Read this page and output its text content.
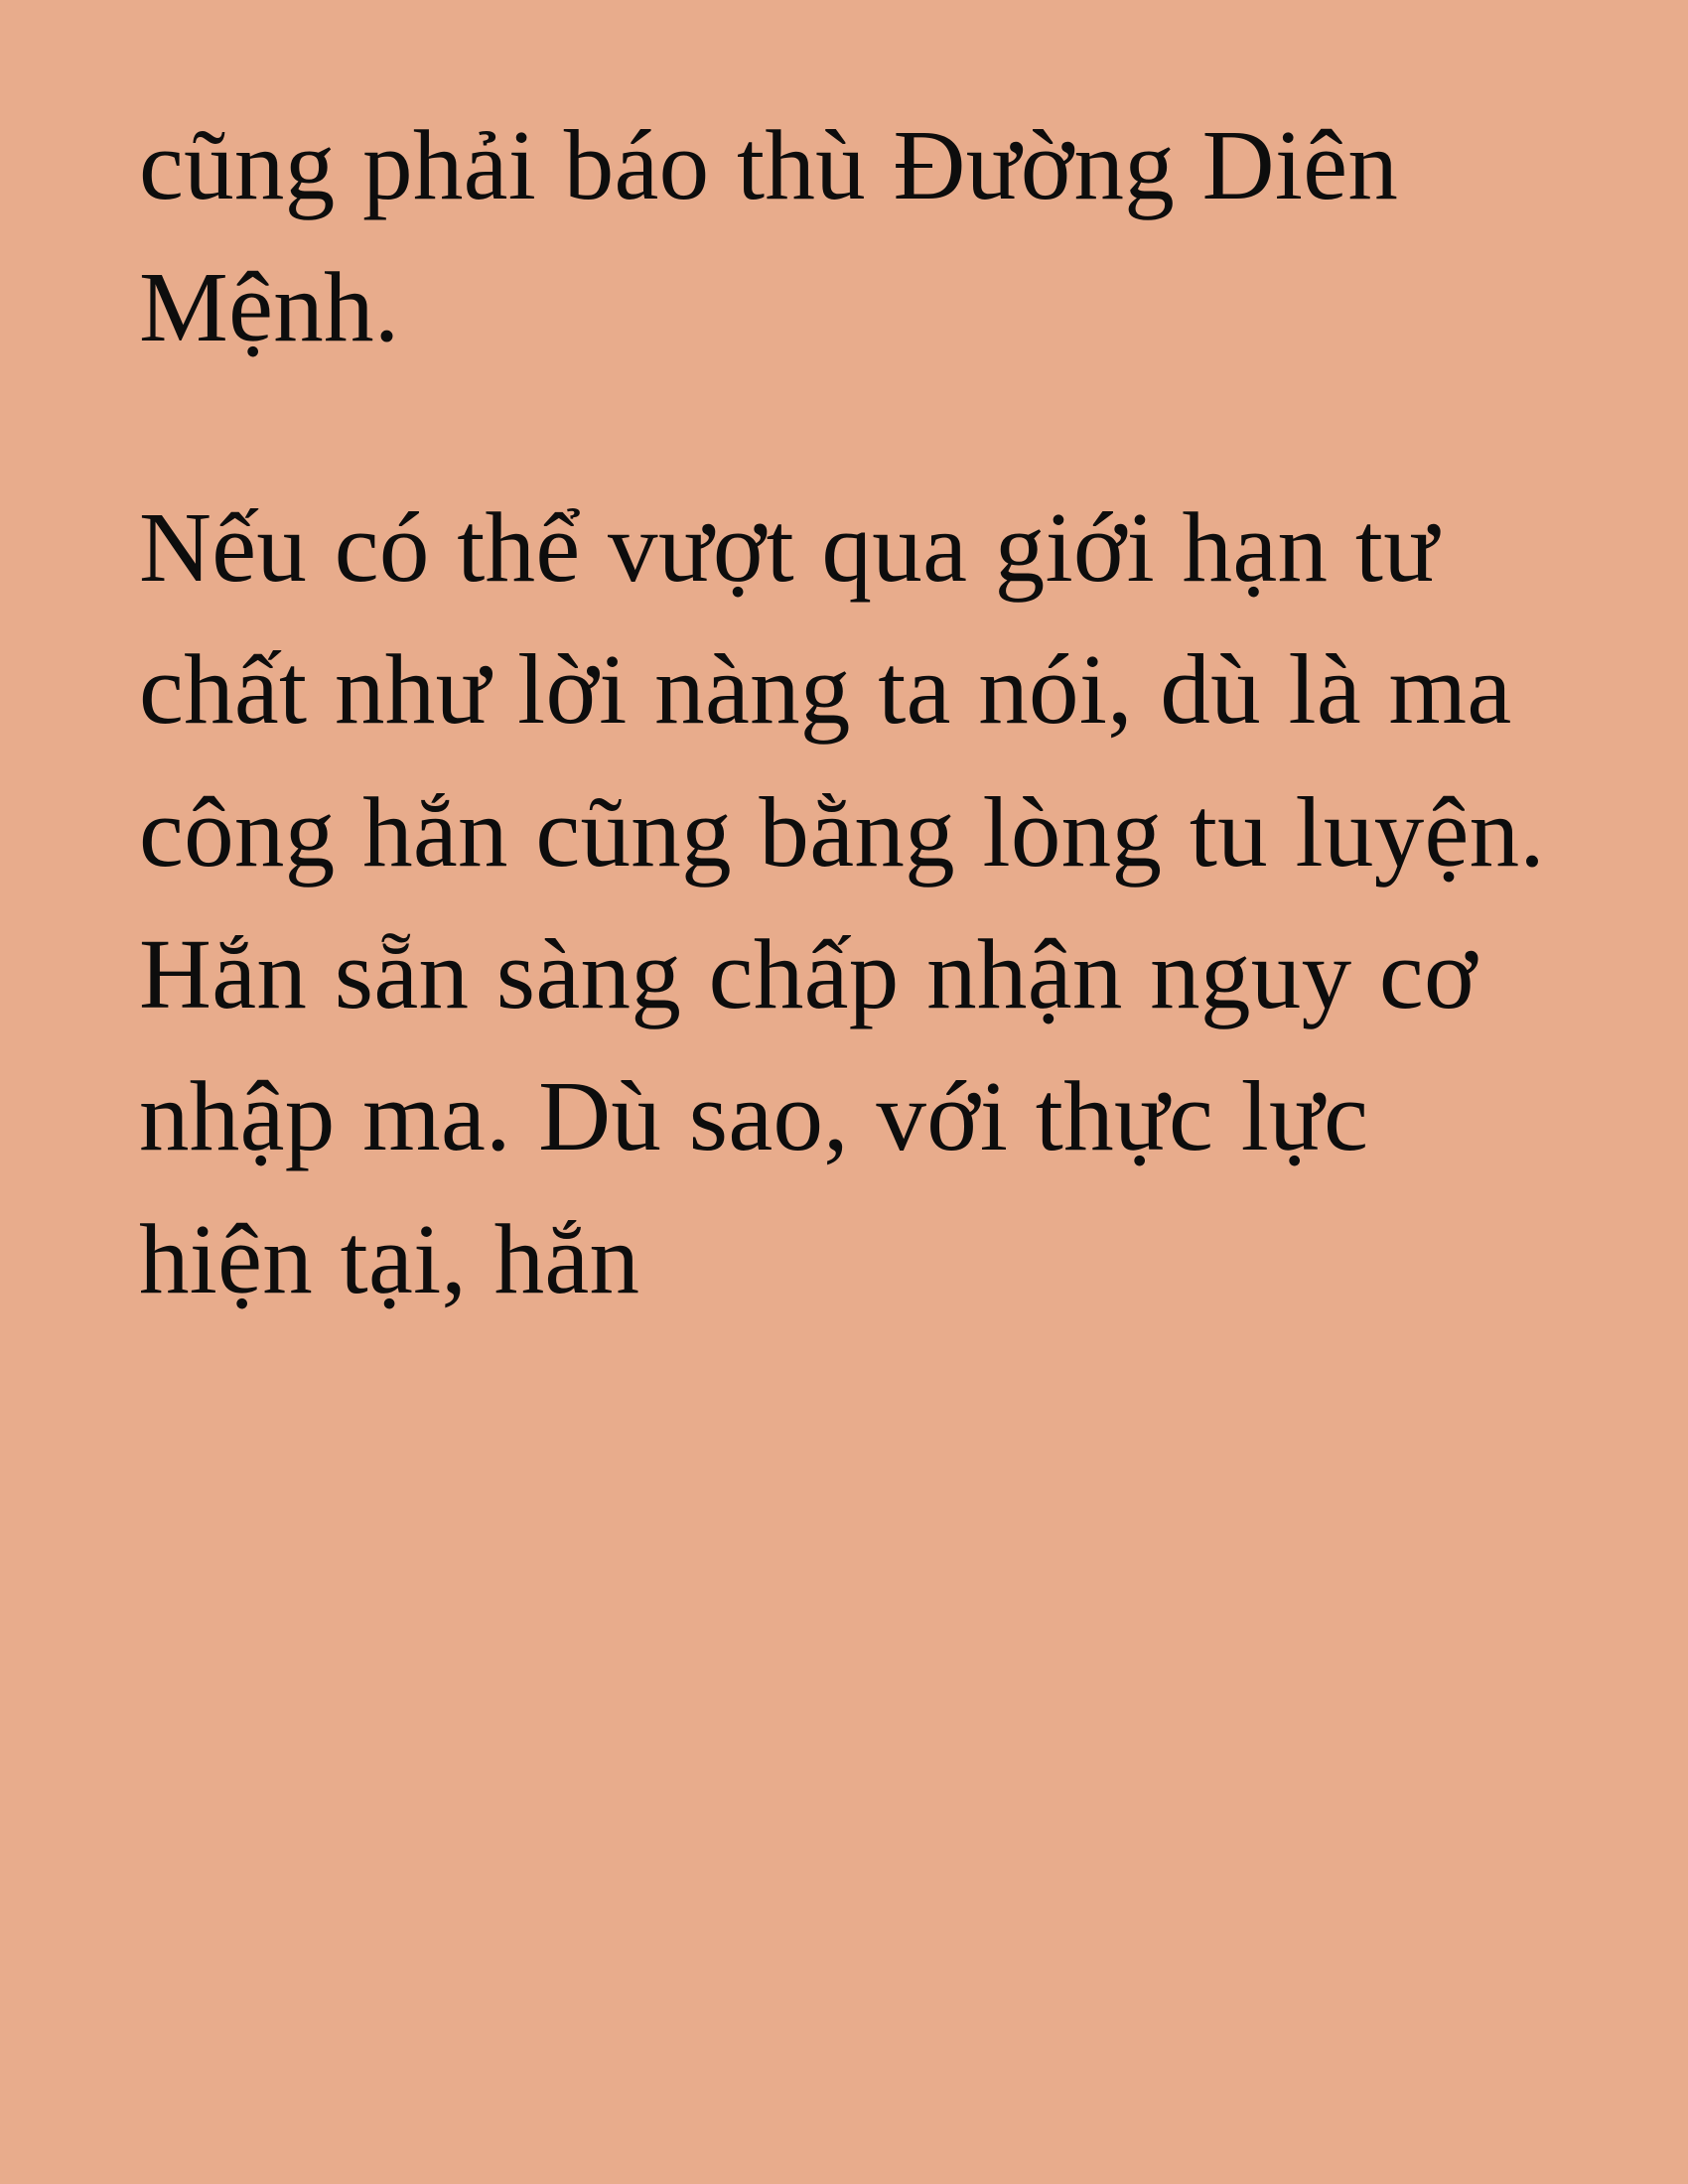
cũng phải báo thù Đường Diên Mệnh.

Nếu có thể vượt qua giới hạn tư chất như lời nàng ta nói, dù là ma công hắn cũng bằng lòng tu luyện. Hắn sẵn sàng chấp nhận nguy cơ nhập ma. Dù sao, với thực lực hiện tại, hắn
